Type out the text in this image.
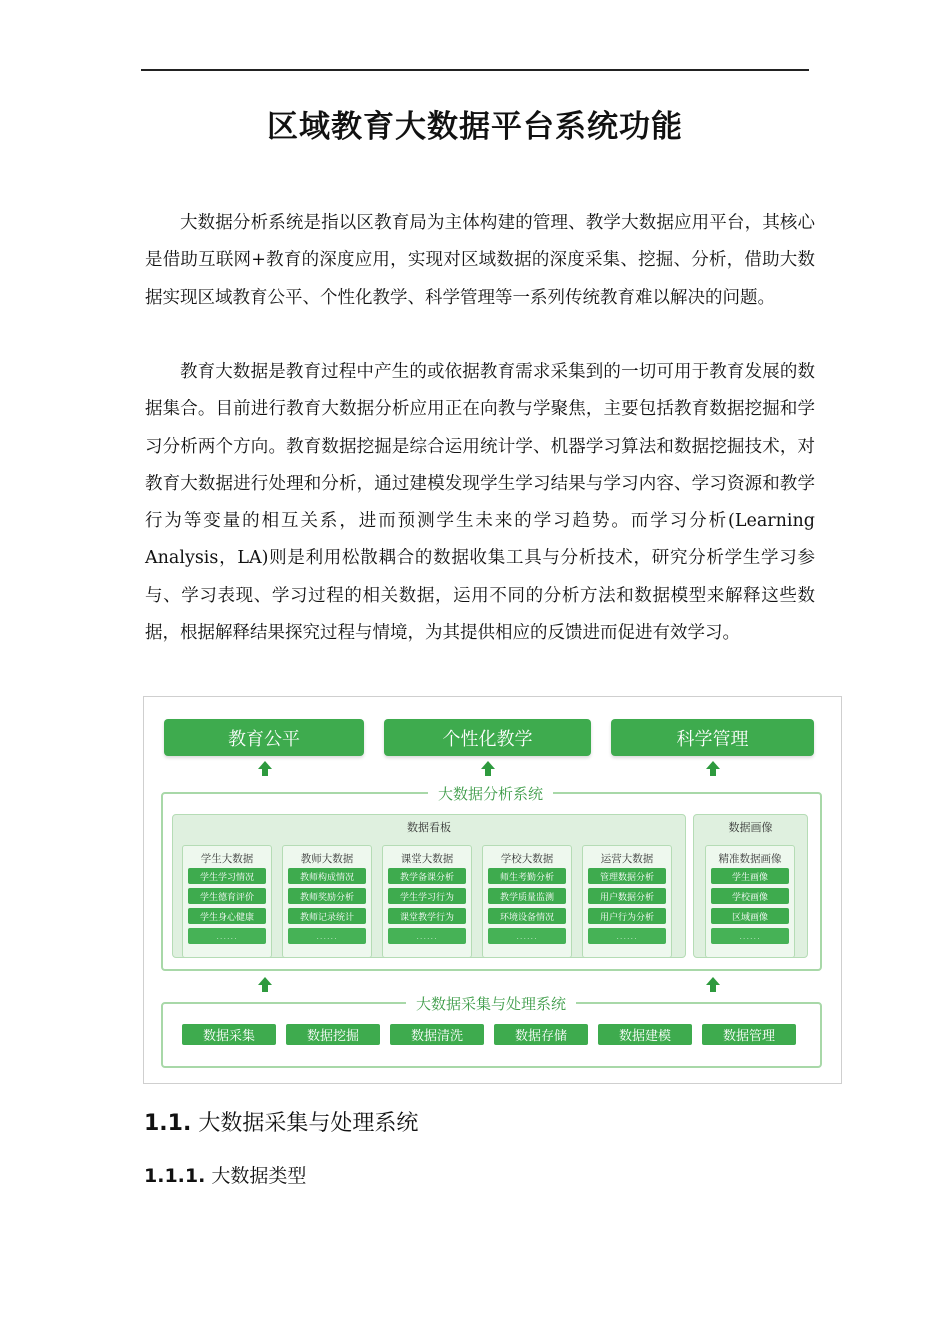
区域教育大数据平台系统功能

大数据分析系统是指以区教育局为主体构建的管理、教学大数据应用平台，其核心是借助互联网+教育的深度应用，实现对区域数据的深度采集、挖掘、分析，借助大数据实现区域教育公平、个性化教学、科学管理等一系列传统教育难以解决的问题。

教育大数据是教育过程中产生的或依据教育需求采集到的一切可用于教育发展的数据集合。目前进行教育大数据分析应用正在向教与学聚焦，主要包括教育数据挖掘和学习分析两个方向。教育数据挖掘是综合运用统计学、机器学习算法和数据挖掘技术，对教育大数据进行处理和分析，通过建模发现学生学习结果与学习内容、学习资源和教学行为等变量的相互关系，进而预测学生未来的学习趋势。而学习分析(Learning Analysis，LA)则是利用松散耦合的数据收集工具与分析技术，研究分析学生学习参与、学习表现、学习过程的相关数据，运用不同的分析方法和数据模型来解释这些数据，根据解释结果探究过程与情境，为其提供相应的反馈进而促进有效学习。

教育公平	个性化教学	科学管理
大数据分析系统
数据看板
学生大数据
学生学习情况
学生德育评价
学生身心健康
......
教师大数据
教师构成情况
教师奖励分析
教师记录统计
......
课堂大数据
教学备课分析
学生学习行为
课堂教学行为
......
学校大数据
师生考勤分析
教学质量监测
环境设备情况
......
运营大数据
管理数据分析
用户数据分析
用户行为分析
......
数据画像
精准数据画像
学生画像
学校画像
区域画像
......
大数据采集与处理系统
数据采集	数据挖掘	数据清洗	数据存储	数据建模	数据管理
1.1. 大数据采集与处理系统
1.1.1. 大数据类型
